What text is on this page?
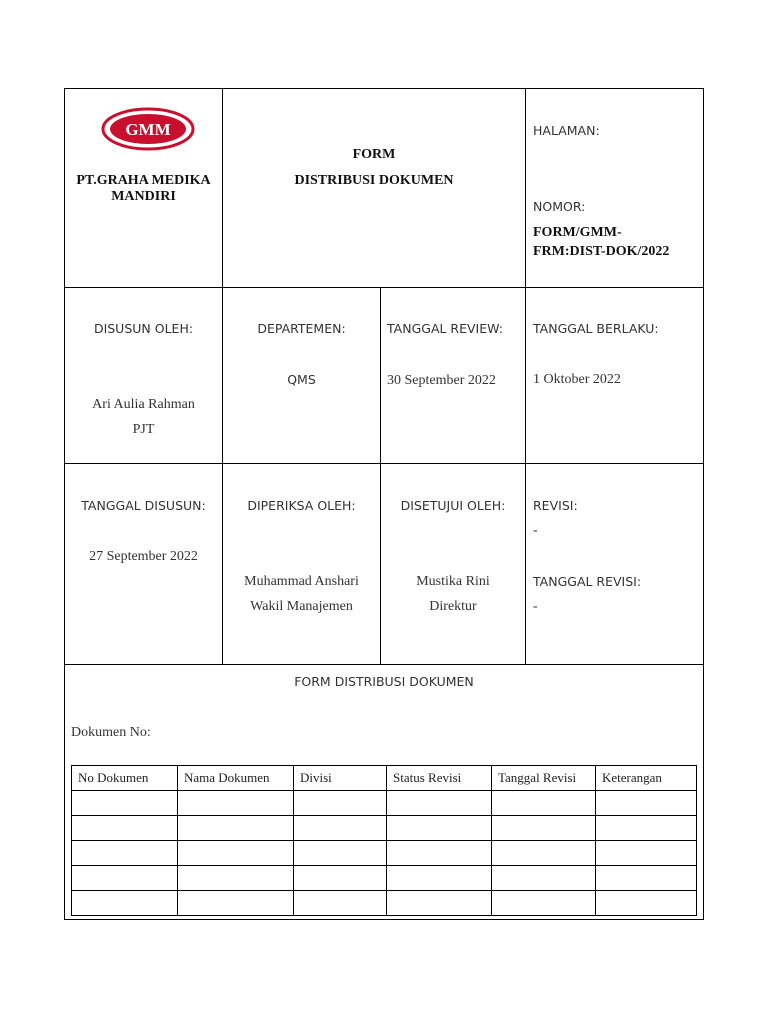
GMM
PT.GRAHA MEDIKA MANDIRI
FORM
DISTRIBUSI DOKUMEN
HALAMAN:
NOMOR:
FORM/GMM-
FRM:DIST-DOK/2022
DISUSUN OLEH:
Ari Aulia Rahman
PJT
DEPARTEMEN:
QMS
TANGGAL REVIEW:
30 September 2022
TANGGAL BERLAKU:
1 Oktober 2022
TANGGAL DISUSUN:
27 September 2022
DIPERIKSA OLEH:
Muhammad Anshari
Wakil Manajemen
DISETUJUI OLEH:
Mustika Rini
Direktur
REVISI:
-
TANGGAL REVISI:
-
FORM DISTRIBUSI DOKUMEN
Dokumen No:
No Dokumen	Nama Dokumen	Divisi	Status Revisi	Tanggal Revisi	Keterangan
